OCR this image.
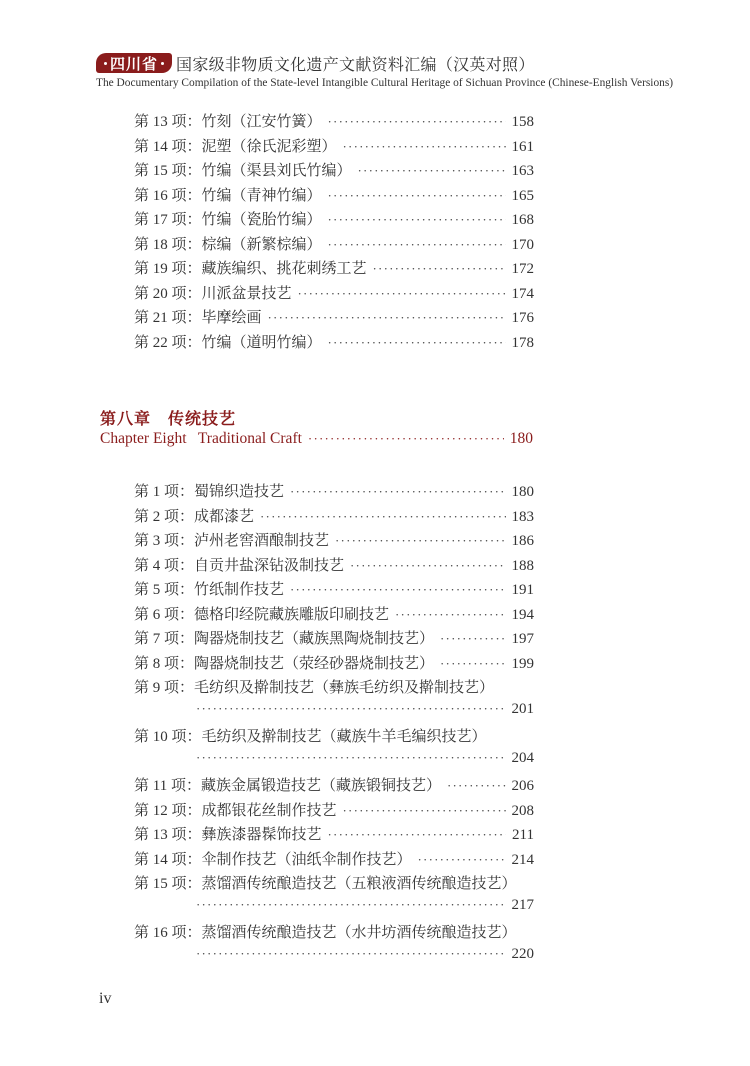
四川省 国家级非物质文化遗产文献资料汇编（汉英对照）
The Documentary Compilation of the State-level Intangible Cultural Heritage of Sichuan Province (Chinese-English Versions)
第 13 项： 竹刻（江安竹簧） ·····	158
第 14 项： 泥塑（徐氏泥彩塑） ·····	161
第 15 项： 竹编（渠县刘氏竹编） ·····	163
第 16 项： 竹编（青神竹编） ·····	165
第 17 项： 竹编（瓷胎竹编） ·····	168
第 18 项： 棕编（新繁棕编） ·····	170
第 19 项： 藏族编织、挑花刺绣工艺 ·····	172
第 20 项： 川派盆景技艺 ·····	174
第 21 项： 毕摩绘画 ·····	176
第 22 项： 竹编（道明竹编） ·····	178
第八章　传统技艺
Chapter Eight   Traditional Craft ·····	180
第 1 项： 蜀锦织造技艺 ·····	180
第 2 项： 成都漆艺 ·····	183
第 3 项： 泸州老窖酒酿制技艺 ·····	186
第 4 项： 自贡井盐深钻汲制技艺 ·····	188
第 5 项： 竹纸制作技艺 ·····	191
第 6 项： 德格印经院藏族雕版印刷技艺 ·····	194
第 7 项： 陶器烧制技艺（藏族黑陶烧制技艺） ·····	197
第 8 项： 陶器烧制技艺（荥经砂器烧制技艺） ·····	199
第 9 项： 毛纺织及擀制技艺（彝族毛纺织及擀制技艺）
·····
201
第 10 项： 毛纺织及擀制技艺（藏族牛羊毛编织技艺）
·····
204
第 11 项： 藏族金属锻造技艺（藏族锻铜技艺） ·····	206
第 12 项： 成都银花丝制作技艺 ·····	208
第 13 项： 彝族漆器髹饰技艺 ·····	211
第 14 项： 伞制作技艺（油纸伞制作技艺） ·····	214
第 15 项： 蒸馏酒传统酿造技艺（五粮液酒传统酿造技艺）
·····
217
第 16 项： 蒸馏酒传统酿造技艺（水井坊酒传统酿造技艺）
·····
220
iv
